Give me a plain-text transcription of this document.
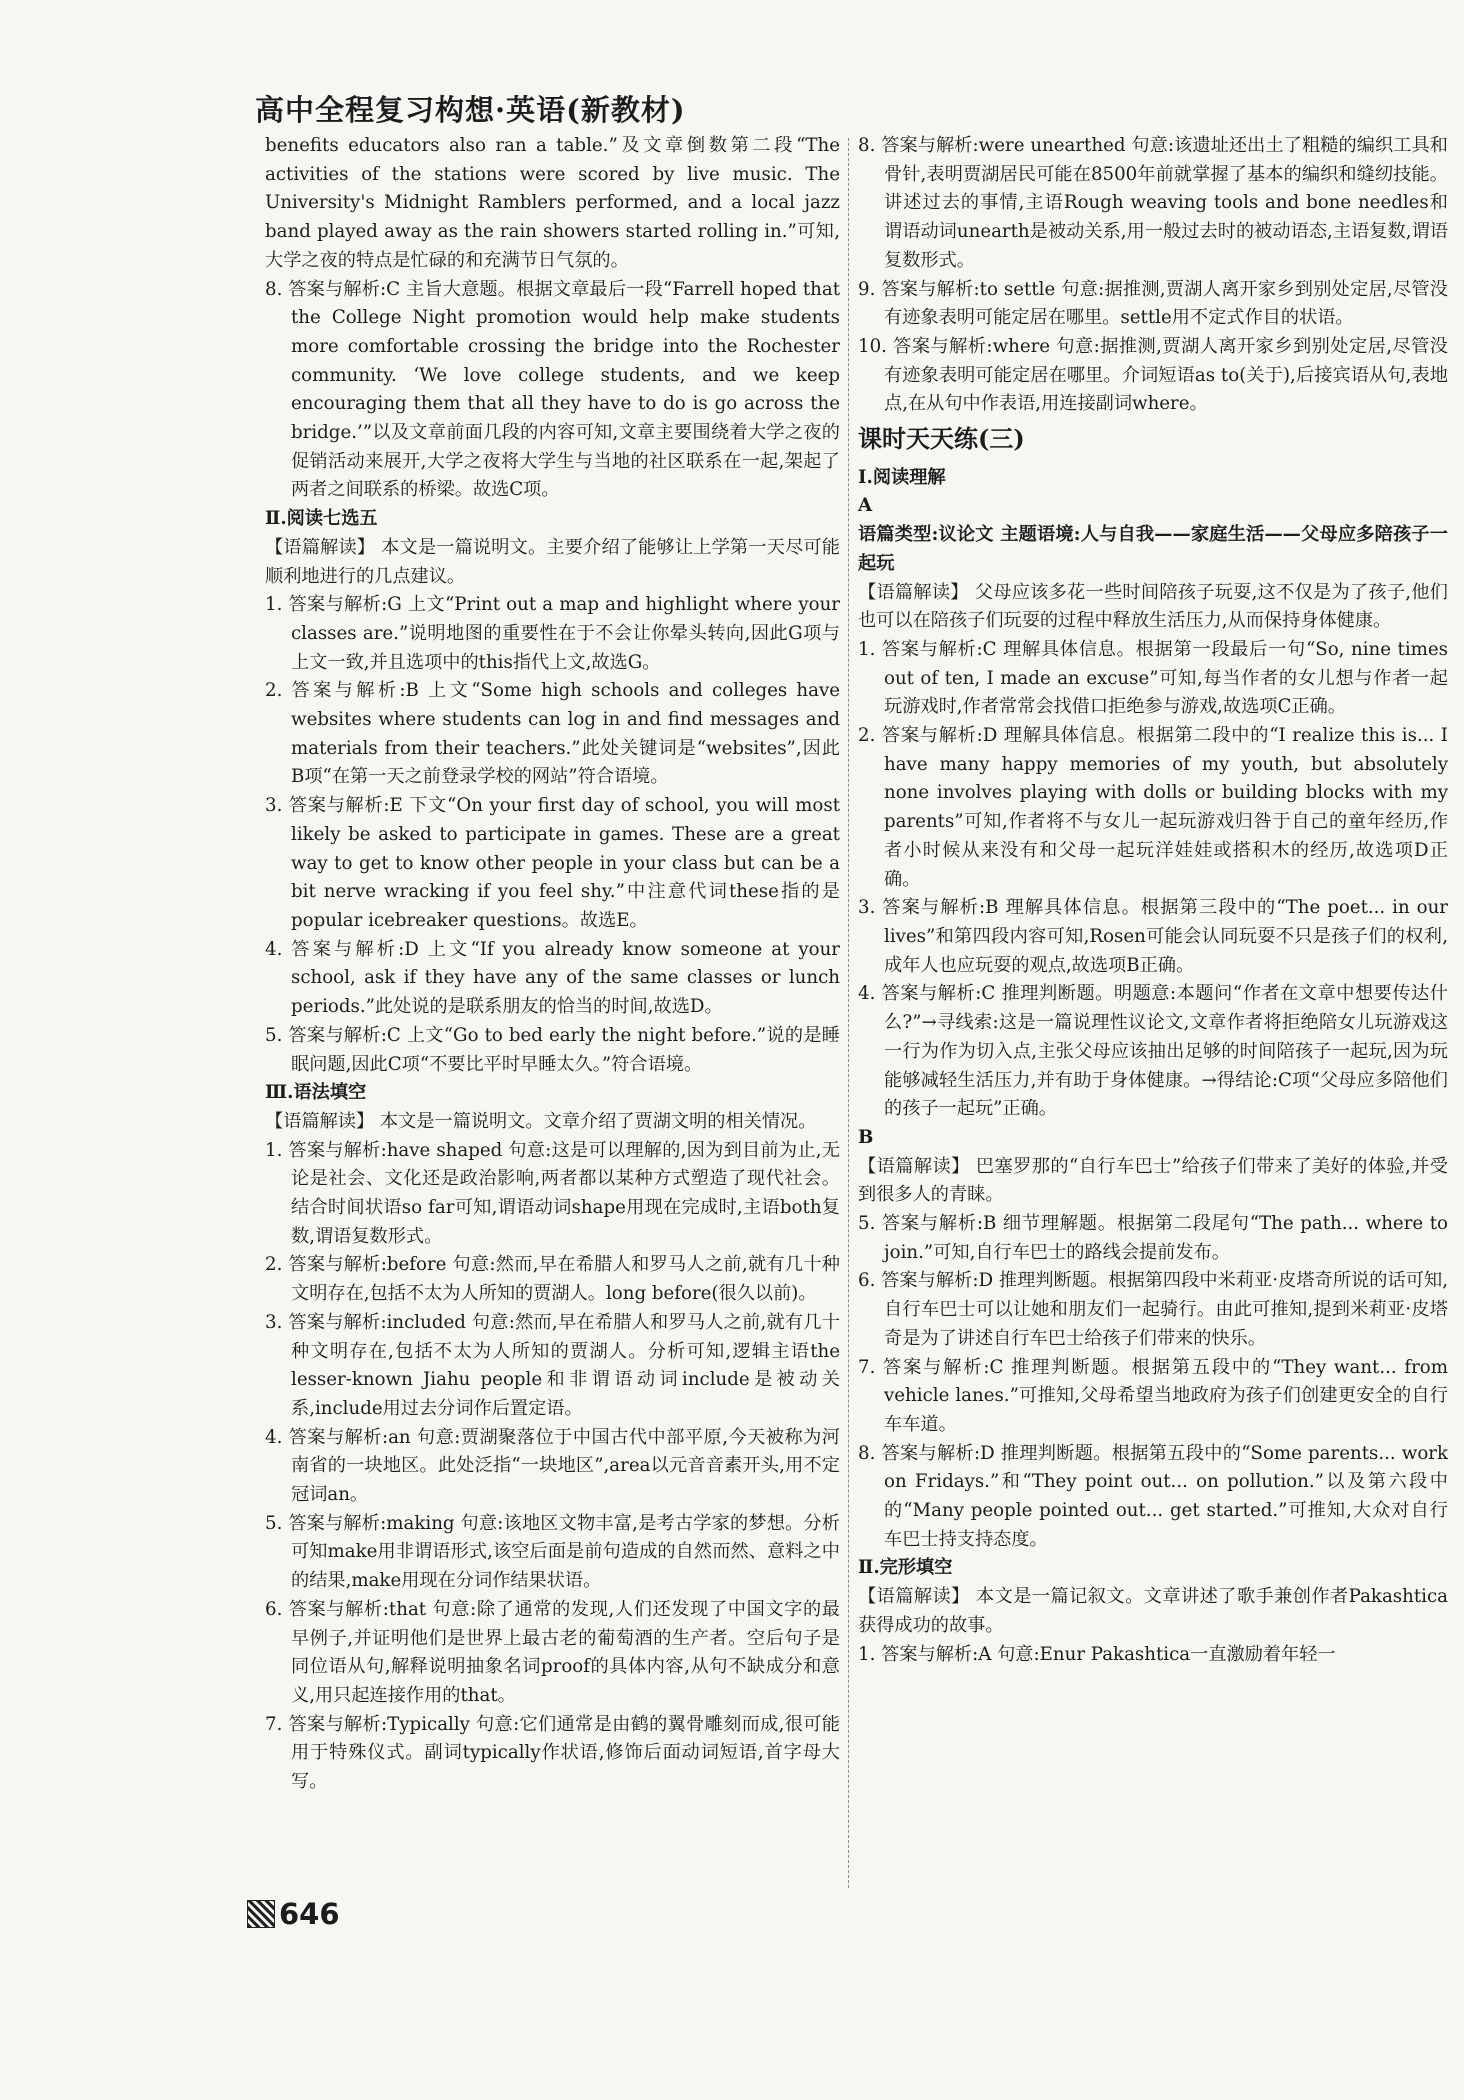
高中全程复习构想·英语(新教材)

benefits educators also ran a table.”及文章倒数第二段“The activities of the stations were scored by live music. The University's Midnight Ramblers performed, and a local jazz band played away as the rain showers started rolling in.”可知,大学之夜的特点是忙碌的和充满节日气氛的。

8. 答案与解析:C 主旨大意题。根据文章最后一段“Farrell hoped that the College Night promotion would help make students more comfortable crossing the bridge into the Rochester community. ‘We love college students, and we keep encouraging them that all they have to do is go across the bridge.’”以及文章前面几段的内容可知,文章主要围绕着大学之夜的促销活动来展开,大学之夜将大学生与当地的社区联系在一起,架起了两者之间联系的桥梁。故选C项。

Ⅱ.阅读七选五

【语篇解读】 本文是一篇说明文。主要介绍了能够让上学第一天尽可能顺利地进行的几点建议。

1. 答案与解析:G 上文“Print out a map and highlight where your classes are.”说明地图的重要性在于不会让你晕头转向,因此G项与上文一致,并且选项中的this指代上文,故选G。

2. 答案与解析:B 上文“Some high schools and colleges have websites where students can log in and find messages and materials from their teachers.”此处关键词是“websites”,因此B项“在第一天之前登录学校的网站”符合语境。

3. 答案与解析:E 下文“On your first day of school, you will most likely be asked to participate in games. These are a great way to get to know other people in your class but can be a bit nerve wracking if you feel shy.”中注意代词these指的是popular icebreaker questions。故选E。

4. 答案与解析:D 上文“If you already know someone at your school, ask if they have any of the same classes or lunch periods.”此处说的是联系朋友的恰当的时间,故选D。

5. 答案与解析:C 上文“Go to bed early the night before.”说的是睡眠问题,因此C项“不要比平时早睡太久。”符合语境。

Ⅲ.语法填空

【语篇解读】 本文是一篇说明文。文章介绍了贾湖文明的相关情况。

1. 答案与解析:have shaped 句意:这是可以理解的,因为到目前为止,无论是社会、文化还是政治影响,两者都以某种方式塑造了现代社会。结合时间状语so far可知,谓语动词shape用现在完成时,主语both复数,谓语复数形式。

2. 答案与解析:before 句意:然而,早在希腊人和罗马人之前,就有几十种文明存在,包括不太为人所知的贾湖人。long before(很久以前)。

3. 答案与解析:included 句意:然而,早在希腊人和罗马人之前,就有几十种文明存在,包括不太为人所知的贾湖人。分析可知,逻辑主语the lesser-known Jiahu people和非谓语动词include是被动关系,include用过去分词作后置定语。

4. 答案与解析:an 句意:贾湖聚落位于中国古代中部平原,今天被称为河南省的一块地区。此处泛指“一块地区”,area以元音音素开头,用不定冠词an。

5. 答案与解析:making 句意:该地区文物丰富,是考古学家的梦想。分析可知make用非谓语形式,该空后面是前句造成的自然而然、意料之中的结果,make用现在分词作结果状语。

6. 答案与解析:that 句意:除了通常的发现,人们还发现了中国文字的最早例子,并证明他们是世界上最古老的葡萄酒的生产者。空后句子是同位语从句,解释说明抽象名词proof的具体内容,从句不缺成分和意义,用只起连接作用的that。

7. 答案与解析:Typically 句意:它们通常是由鹤的翼骨雕刻而成,很可能用于特殊仪式。副词typically作状语,修饰后面动词短语,首字母大写。

8. 答案与解析:were unearthed 句意:该遗址还出土了粗糙的编织工具和骨针,表明贾湖居民可能在8500年前就掌握了基本的编织和缝纫技能。讲述过去的事情,主语Rough weaving tools and bone needles和谓语动词unearth是被动关系,用一般过去时的被动语态,主语复数,谓语复数形式。

9. 答案与解析:to settle 句意:据推测,贾湖人离开家乡到别处定居,尽管没有迹象表明可能定居在哪里。settle用不定式作目的状语。

10. 答案与解析:where 句意:据推测,贾湖人离开家乡到别处定居,尽管没有迹象表明可能定居在哪里。介词短语as to(关于),后接宾语从句,表地点,在从句中作表语,用连接副词where。

课时天天练(三)

Ⅰ.阅读理解

A

语篇类型:议论文 主题语境:人与自我——家庭生活——父母应多陪孩子一起玩

【语篇解读】 父母应该多花一些时间陪孩子玩耍,这不仅是为了孩子,他们也可以在陪孩子们玩耍的过程中释放生活压力,从而保持身体健康。

1. 答案与解析:C 理解具体信息。根据第一段最后一句“So, nine times out of ten, I made an excuse”可知,每当作者的女儿想与作者一起玩游戏时,作者常常会找借口拒绝参与游戏,故选项C正确。

2. 答案与解析:D 理解具体信息。根据第二段中的“I realize this is... I have many happy memories of my youth, but absolutely none involves playing with dolls or building blocks with my parents”可知,作者将不与女儿一起玩游戏归咎于自己的童年经历,作者小时候从来没有和父母一起玩洋娃娃或搭积木的经历,故选项D正确。

3. 答案与解析:B 理解具体信息。根据第三段中的“The poet... in our lives”和第四段内容可知,Rosen可能会认同玩耍不只是孩子们的权利,成年人也应玩耍的观点,故选项B正确。

4. 答案与解析:C 推理判断题。明题意:本题问“作者在文章中想要传达什么?”→寻线索:这是一篇说理性议论文,文章作者将拒绝陪女儿玩游戏这一行为作为切入点,主张父母应该抽出足够的时间陪孩子一起玩,因为玩能够减轻生活压力,并有助于身体健康。→得结论:C项“父母应多陪他们的孩子一起玩”正确。

B

【语篇解读】 巴塞罗那的“自行车巴士”给孩子们带来了美好的体验,并受到很多人的青睐。

5. 答案与解析:B 细节理解题。根据第二段尾句“The path... where to join.”可知,自行车巴士的路线会提前发布。

6. 答案与解析:D 推理判断题。根据第四段中米莉亚·皮塔奇所说的话可知,自行车巴士可以让她和朋友们一起骑行。由此可推知,提到米莉亚·皮塔奇是为了讲述自行车巴士给孩子们带来的快乐。

7. 答案与解析:C 推理判断题。根据第五段中的“They want... from vehicle lanes.”可推知,父母希望当地政府为孩子们创建更安全的自行车车道。

8. 答案与解析:D 推理判断题。根据第五段中的“Some parents... work on Fridays.”和“They point out... on pollution.”以及第六段中的“Many people pointed out... get started.”可推知,大众对自行车巴士持支持态度。

Ⅱ.完形填空

【语篇解读】 本文是一篇记叙文。文章讲述了歌手兼创作者Pakashtica获得成功的故事。

1. 答案与解析:A 句意:Enur Pakashtica一直激励着年轻一

646
